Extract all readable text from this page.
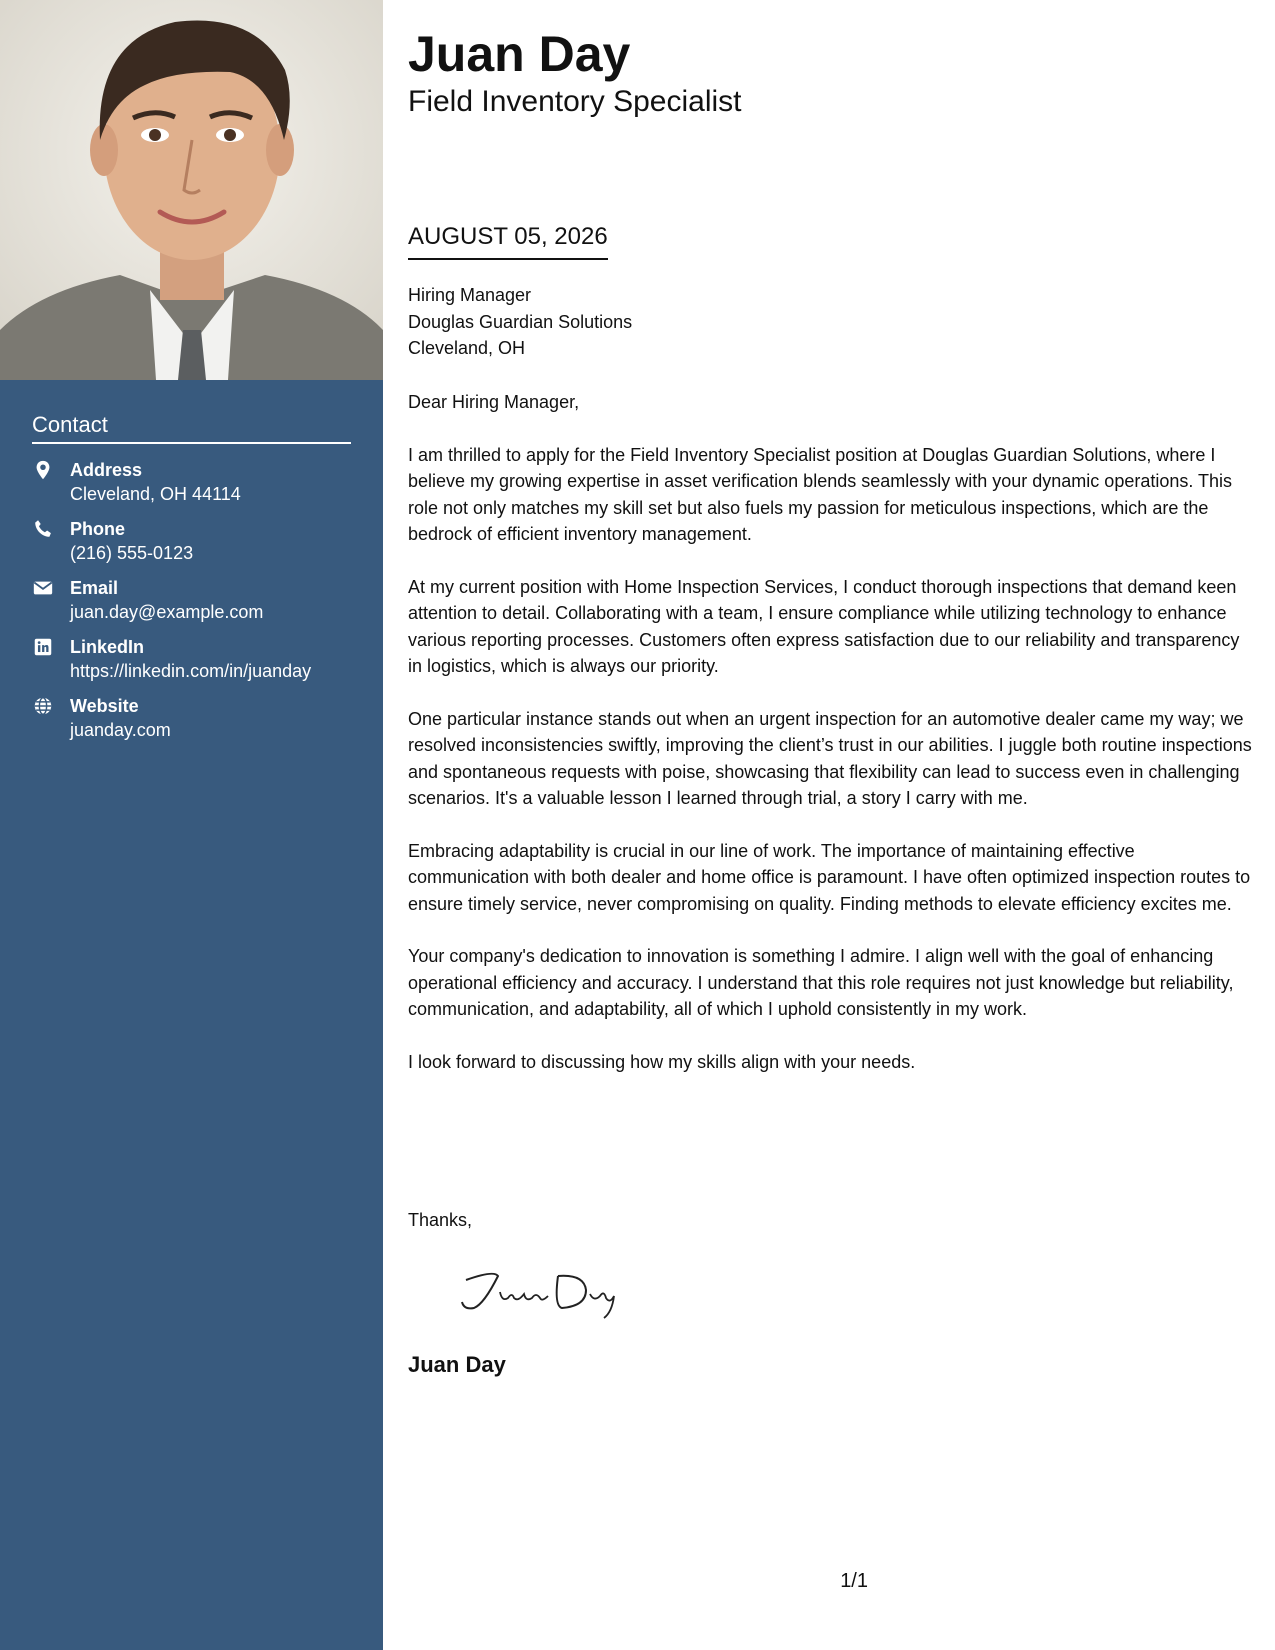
Contact
Address
Cleveland, OH 44114
Phone
(216) 555-0123
Email
juan.day@example.com
LinkedIn
https://linkedin.com/in/juanday
Website
juanday.com
Juan Day
Field Inventory Specialist
AUGUST 05, 2026
Hiring Manager
Douglas Guardian Solutions
Cleveland, OH

Dear Hiring Manager,

I am thrilled to apply for the Field Inventory Specialist position at Douglas Guardian Solutions, where I believe my growing expertise in asset verification blends seamlessly with your dynamic operations. This role not only matches my skill set but also fuels my passion for meticulous inspections, which are the bedrock of efficient inventory management.

At my current position with Home Inspection Services, I conduct thorough inspections that demand keen attention to detail. Collaborating with a team, I ensure compliance while utilizing technology to enhance various reporting processes. Customers often express satisfaction due to our reliability and transparency in logistics, which is always our priority.

One particular instance stands out when an urgent inspection for an automotive dealer came my way; we resolved inconsistencies swiftly, improving the client’s trust in our abilities. I juggle both routine inspections and spontaneous requests with poise, showcasing that flexibility can lead to success even in challenging scenarios. It's a valuable lesson I learned through trial, a story I carry with me.

Embracing adaptability is crucial in our line of work. The importance of maintaining effective communication with both dealer and home office is paramount. I have often optimized inspection routes to ensure timely service, never compromising on quality. Finding methods to elevate efficiency excites me.

Your company's dedication to innovation is something I admire. I align well with the goal of enhancing operational efficiency and accuracy. I understand that this role requires not just knowledge but reliability, communication, and adaptability, all of which I uphold consistently in my work.

I look forward to discussing how my skills align with your needs.

Thanks,
Juan Day
1/1
